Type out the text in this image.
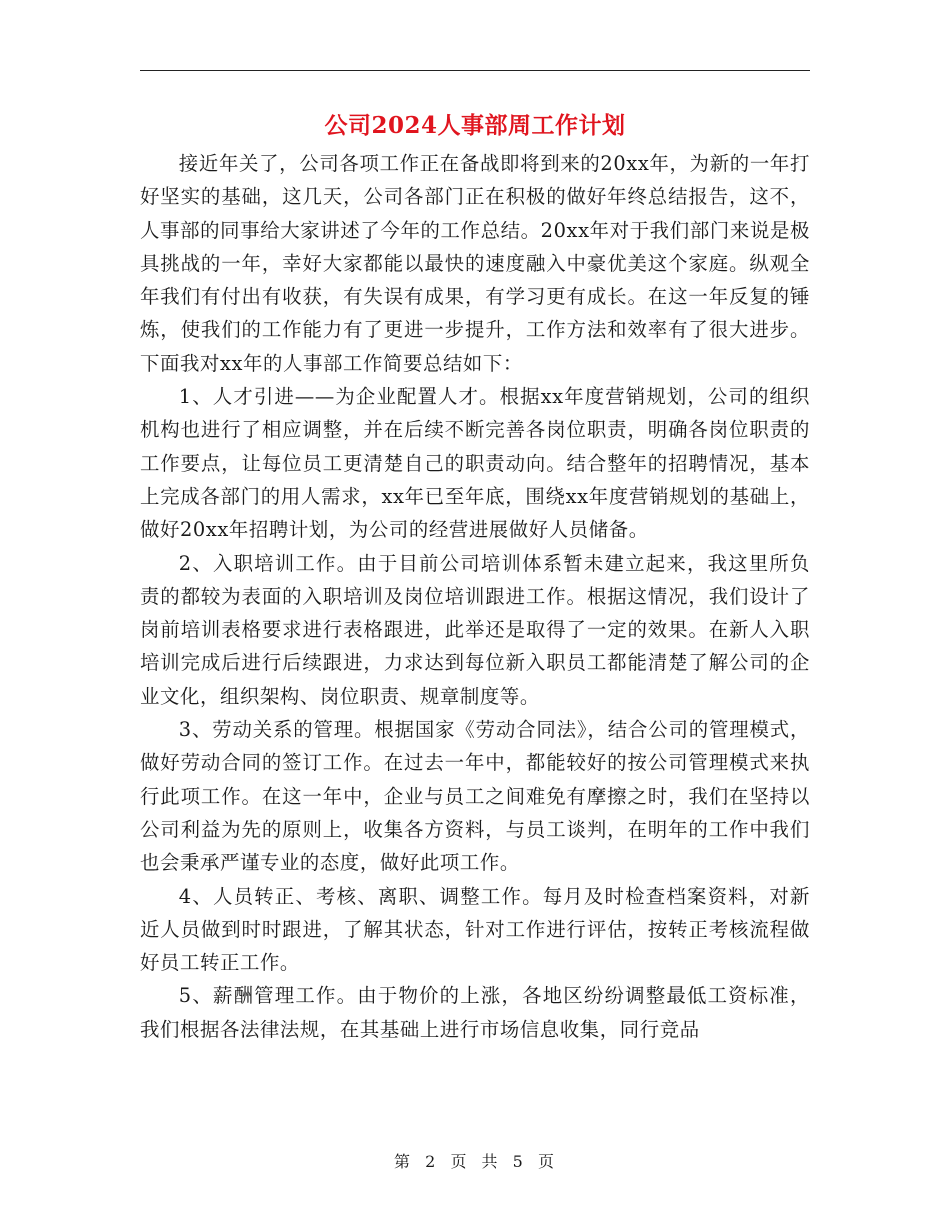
公司2024人事部周工作计划

接近年关了，公司各项工作正在备战即将到来的20xx年，为新的一年打好坚实的基础，这几天，公司各部门正在积极的做好年终总结报告，这不，人事部的同事给大家讲述了今年的工作总结。20xx年对于我们部门来说是极具挑战的一年，幸好大家都能以最快的速度融入中豪优美这个家庭。纵观全年我们有付出有收获，有失误有成果，有学习更有成长。在这一年反复的锤炼，使我们的工作能力有了更进一步提升，工作方法和效率有了很大进步。下面我对xx年的人事部工作简要总结如下：

1、人才引进——为企业配置人才。根据xx年度营销规划，公司的组织机构也进行了相应调整，并在后续不断完善各岗位职责，明确各岗位职责的工作要点，让每位员工更清楚自己的职责动向。结合整年的招聘情况，基本上完成各部门的用人需求，xx年已至年底，围绕xx年度营销规划的基础上，做好20xx年招聘计划，为公司的经营进展做好人员储备。

2、入职培训工作。由于目前公司培训体系暂未建立起来，我这里所负责的都较为表面的入职培训及岗位培训跟进工作。根据这情况，我们设计了岗前培训表格要求进行表格跟进，此举还是取得了一定的效果。在新人入职培训完成后进行后续跟进，力求达到每位新入职员工都能清楚了解公司的企业文化，组织架构、岗位职责、规章制度等。

3、劳动关系的管理。根据国家《劳动合同法》，结合公司的管理模式，做好劳动合同的签订工作。在过去一年中，都能较好的按公司管理模式来执行此项工作。在这一年中，企业与员工之间难免有摩擦之时，我们在坚持以公司利益为先的原则上，收集各方资料，与员工谈判，在明年的工作中我们也会秉承严谨专业的态度，做好此项工作。

4、人员转正、考核、离职、调整工作。每月及时检查档案资料，对新近人员做到时时跟进，了解其状态，针对工作进行评估，按转正考核流程做好员工转正工作。

5、薪酬管理工作。由于物价的上涨，各地区纷纷调整最低工资标准，我们根据各法律法规，在其基础上进行市场信息收集，同行竞品

第 2 页 共 5 页
